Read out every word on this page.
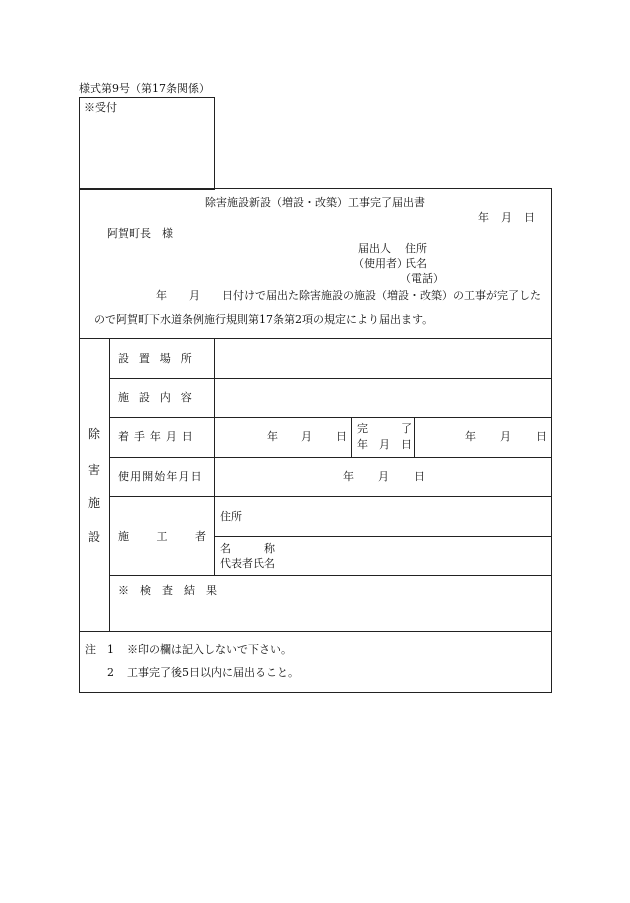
様式第9号（第17条関係）
※受付
除害施設新設（増設・改築）工事完了届出書
年 月 日
阿賀町長　様
届出人 住所
（使用者）
氏名
（電話）
年　　月　　日付けで届出た除害施設の施設（増設・改築）の工事が完了した
ので阿賀町下水道条例施行規則第17条第2項の規定により届出ます。
除
害
施
設
設置場所
施設内容
着手年月日
使用開始年月日
施工者
※　検　査　結　果
年 月 日
完　　　了
年　月　日
年 月 日
年 月 日
住所
名　　　称
代表者氏名
注 1 ※印の欄は記入しないで下さい。
2 工事完了後5日以内に届出ること。
